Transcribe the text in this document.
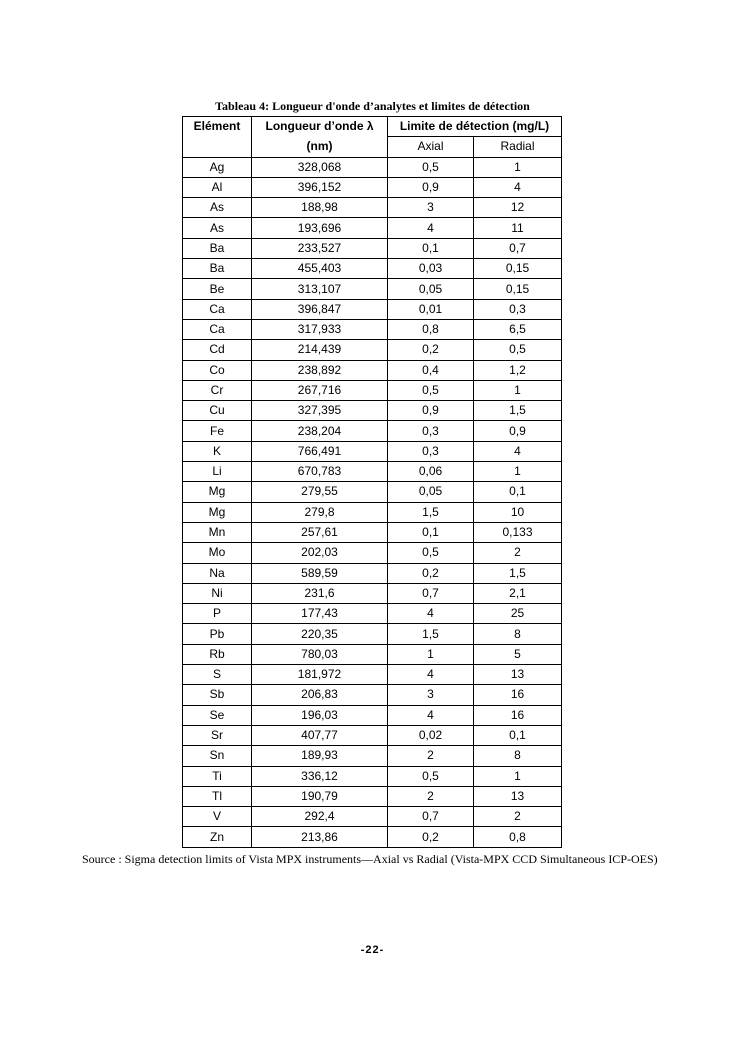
Tableau 4: Longueur d'onde d’analytes et limites de détection
Elément	Longueur d’onde λ	Limite de détection (mg/L)	
	(nm)	Axial	Radial
Ag	328,068	0,5	1
Al	396,152	0,9	4
As	188,98	3	12
As	193,696	4	11
Ba	233,527	0,1	0,7
Ba	455,403	0,03	0,15
Be	313,107	0,05	0,15
Ca	396,847	0,01	0,3
Ca	317,933	0,8	6,5
Cd	214,439	0,2	0,5
Co	238,892	0,4	1,2
Cr	267,716	0,5	1
Cu	327,395	0,9	1,5
Fe	238,204	0,3	0,9
K	766,491	0,3	4
Li	670,783	0,06	1
Mg	279,55	0,05	0,1
Mg	279,8	1,5	10
Mn	257,61	0,1	0,133
Mo	202,03	0,5	2
Na	589,59	0,2	1,5
Ni	231,6	0,7	2,1
P	177,43	4	25
Pb	220,35	1,5	8
Rb	780,03	1	5
S	181,972	4	13
Sb	206,83	3	16
Se	196,03	4	16
Sr	407,77	0,02	0,1
Sn	189,93	2	8
Ti	336,12	0,5	1
Tl	190,79	2	13
V	292,4	0,7	2
Zn	213,86	0,2	0,8
Source : Sigma detection limits of Vista MPX instruments—Axial vs Radial (Vista-MPX CCD Simultaneous ICP-OES)
-22-
